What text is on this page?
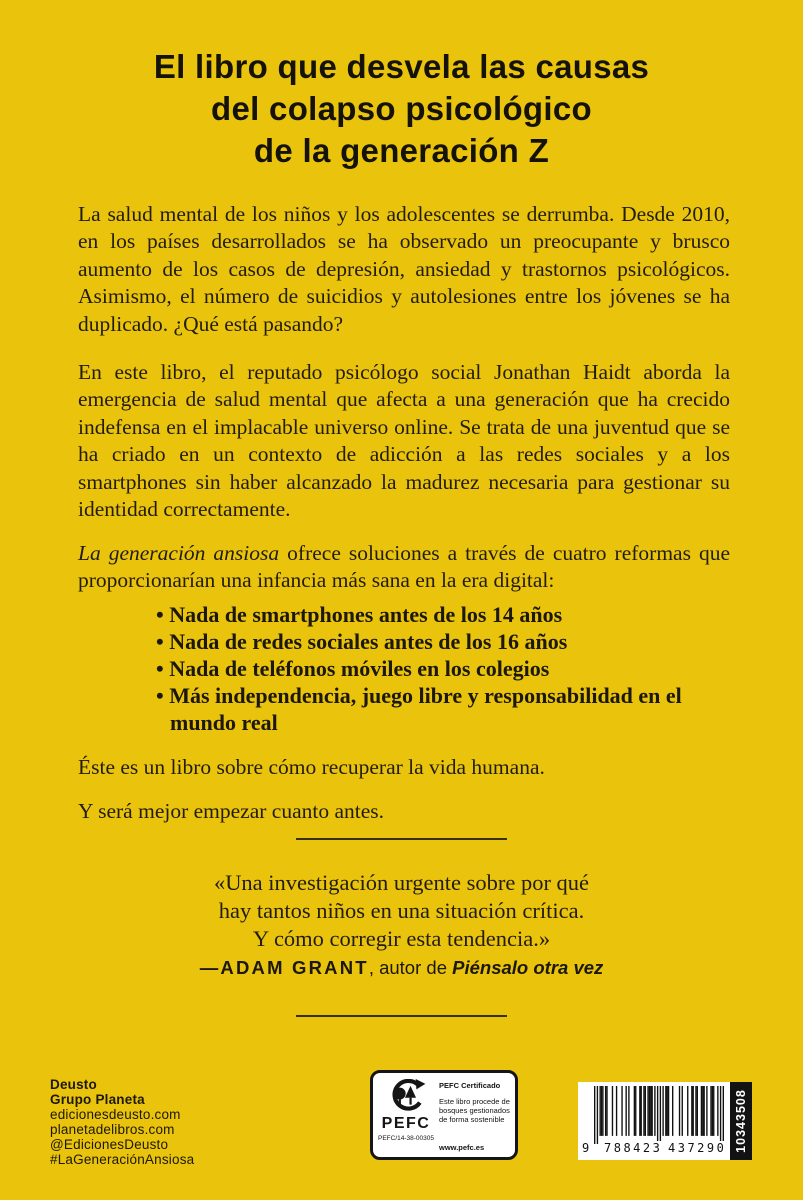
El libro que desvela las causas
del colapso psicológico
de la generación Z

La salud mental de los niños y los adolescentes se derrumba. Desde 2010, en los países desarrollados se ha observado un preocupante y brusco aumento de los casos de depresión, ansiedad y trastornos psicológicos. Asimismo, el número de suicidios y autolesiones entre los jóvenes se ha duplicado. ¿Qué está pasando?

En este libro, el reputado psicólogo social Jonathan Haidt aborda la emergencia de salud mental que afecta a una generación que ha crecido indefensa en el implacable universo online. Se trata de una juventud que se ha criado en un contexto de adicción a las redes sociales y a los smartphones sin haber alcanzado la madurez necesaria para gestionar su identidad correctamente.

La generación ansiosa ofrece soluciones a través de cuatro reformas que proporcionarían una infancia más sana en la era digital:

• Nada de smartphones antes de los 14 años
• Nada de redes sociales antes de los 16 años
• Nada de teléfonos móviles en los colegios
• Más independencia, juego libre y responsabilidad en el mundo real

Éste es un libro sobre cómo recuperar la vida humana.

Y será mejor empezar cuanto antes.

«Una investigación urgente sobre por qué
hay tantos niños en una situación crítica.
Y cómo corregir esta tendencia.»
—ADAM GRANT, autor de Piénsalo otra vez
Deusto
Grupo Planeta
edicionesdeusto.com
planetadelibros.com
@EdicionesDeusto
#LaGeneraciónAnsiosa
PEFC
PEFC/14-38-00305
PEFC Certificado
Este libro procede de bosques gestionados de forma sostenible
www.pefc.es	9 788423 437290 10343508
